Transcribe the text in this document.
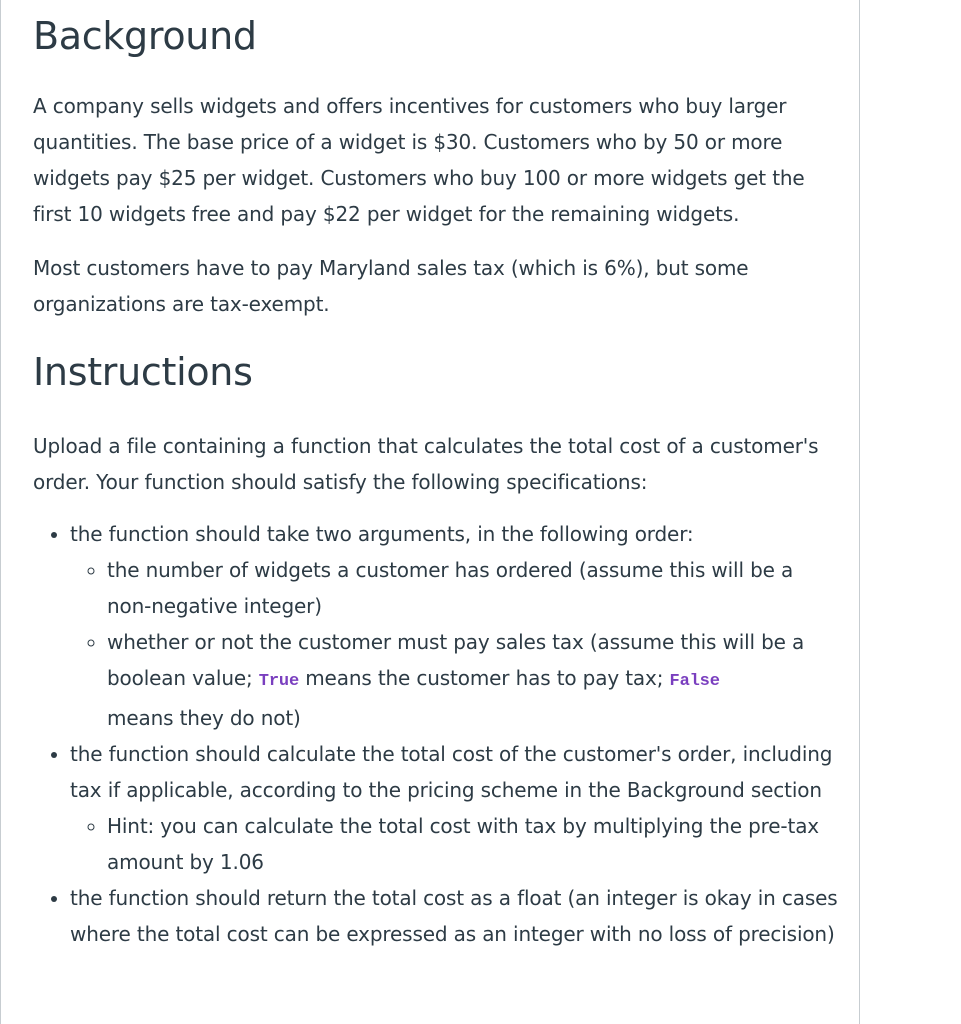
Background

A company sells widgets and offers incentives for customers who buy larger quantities. The base price of a widget is $30. Customers who by 50 or more widgets pay $25 per widget. Customers who buy 100 or more widgets get the first 10 widgets free and pay $22 per widget for the remaining widgets.

Most customers have to pay Maryland sales tax (which is 6%), but some organizations are tax-exempt.

Instructions

Upload a file containing a function that calculates the total cost of a customer's order. Your function should satisfy the following specifications:

• the function should take two arguments, in the following order:
◦ the number of widgets a customer has ordered (assume this will be a non-negative integer)
◦ whether or not the customer must pay sales tax (assume this will be a boolean value; True means the customer has to pay tax; False
means they do not)
• the function should calculate the total cost of the customer's order, including tax if applicable, according to the pricing scheme in the Background section
◦ Hint: you can calculate the total cost with tax by multiplying the pre-tax amount by 1.06
• the function should return the total cost as a float (an integer is okay in cases where the total cost can be expressed as an integer with no loss of precision)
